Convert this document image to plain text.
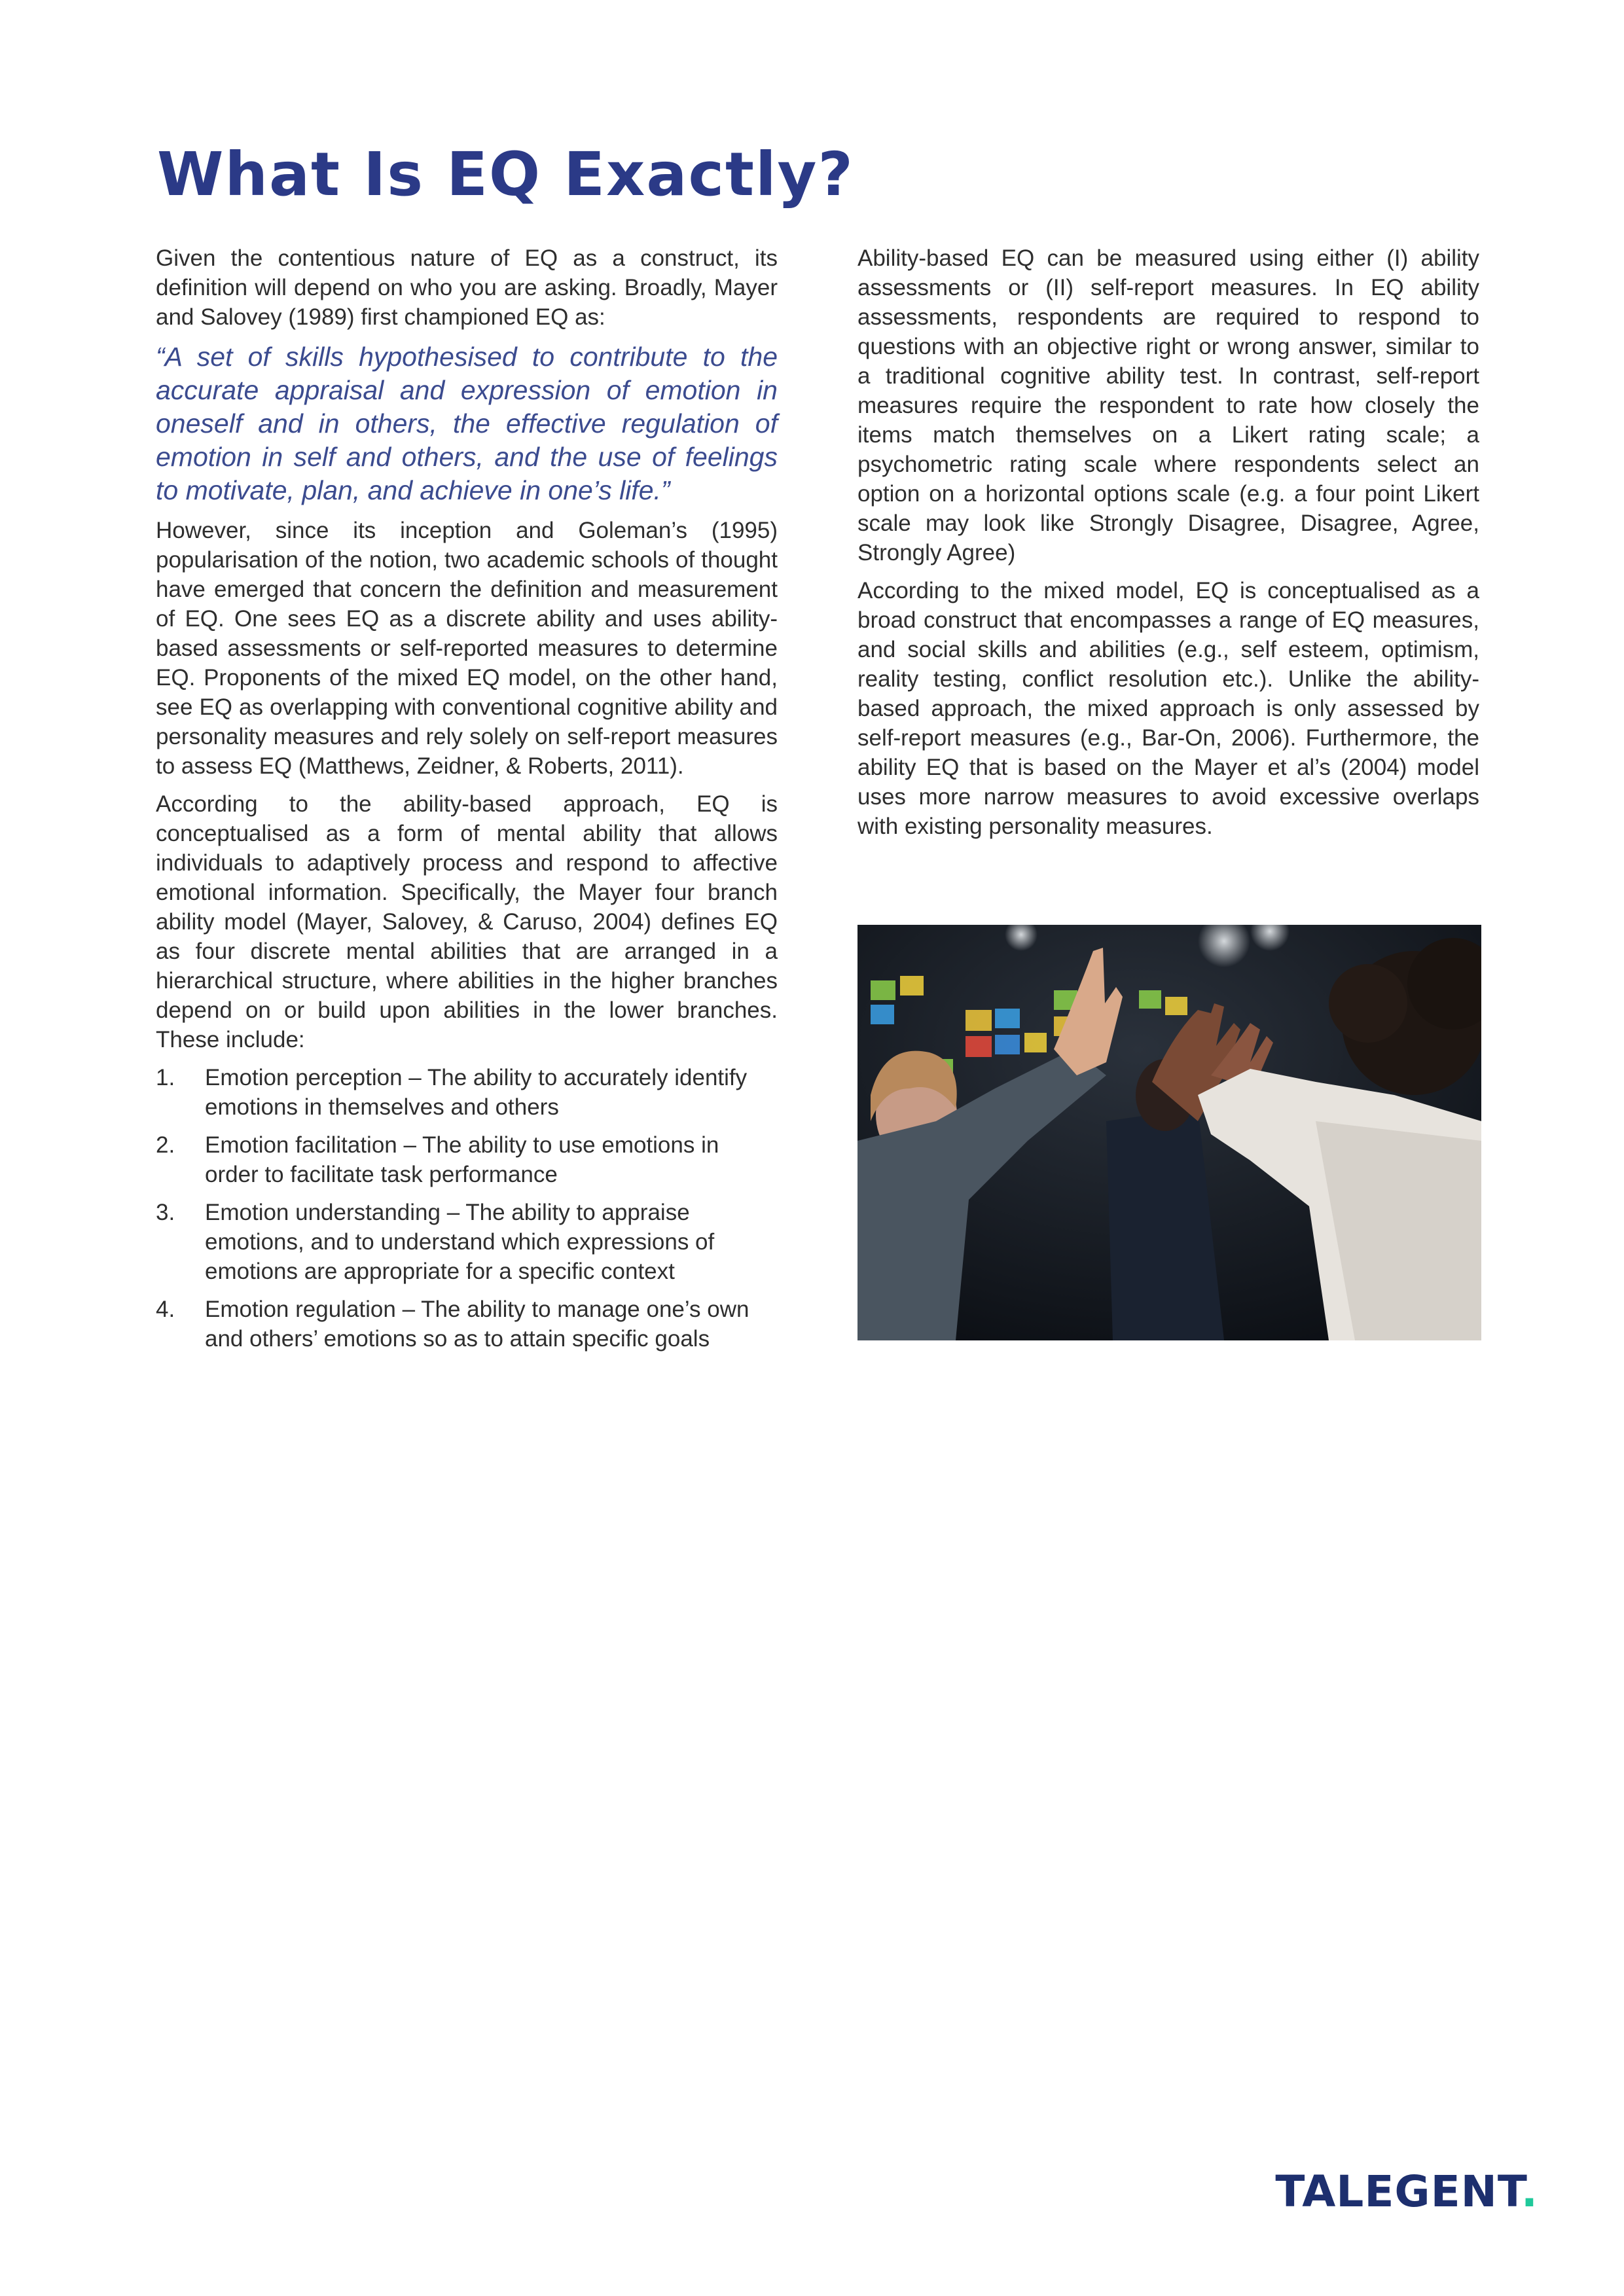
What Is EQ Exactly?

Given the contentious nature of EQ as a construct, its definition will depend on who you are asking. Broadly, Mayer and Salovey (1989) first championed EQ as:

“A set of skills hypothesised to contribute to the accurate appraisal and expression of emotion in oneself and in others, the effective regulation of emotion in self and others, and the use of feelings to motivate, plan, and achieve in one’s life.”

However, since its inception and Goleman’s (1995) popularisation of the notion, two academic schools of thought have emerged that concern the definition and measurement of EQ. One sees EQ as a discrete ability and uses ability-based assessments or self-reported measures to determine EQ. Proponents of the mixed EQ model, on the other hand, see EQ as overlapping with conventional cognitive ability and personality measures and rely solely on self-report measures to assess EQ (Matthews, Zeidner, & Roberts, 2011).

According to the ability-based approach, EQ is conceptualised as a form of mental ability that allows individuals to adaptively process and respond to affective emotional information. Specifically, the Mayer four branch ability model (Mayer, Salovey, & Caruso, 2004) defines EQ as four discrete mental abilities that are arranged in a hierarchical structure, where abilities in the higher branches depend on or build upon abilities in the lower branches. These include:

1. Emotion perception – The ability to accurately identify emotions in themselves and others
2. Emotion facilitation – The ability to use emotions in order to facilitate task performance
3. Emotion understanding – The ability to appraise emotions, and to understand which expressions of emotions are appropriate for a specific context
4. Emotion regulation – The ability to manage one’s own and others’ emotions so as to attain specific goals

Ability-based EQ can be measured using either (I) ability assessments or (II) self-report measures. In EQ ability assessments, respondents are required to respond to questions with an objective right or wrong answer, similar to a traditional cognitive ability test. In contrast, self-report measures require the respondent to rate how closely the items match themselves on a Likert rating scale; a psychometric rating scale where respondents select an option on a horizontal options scale (e.g. a four point Likert scale may look like Strongly Disagree, Disagree, Agree, Strongly Agree)

According to the mixed model, EQ is conceptualised as a broad construct that encompasses a range of EQ measures, and social skills and abilities (e.g., self esteem, optimism, reality testing, conflict resolution etc.). Unlike the ability-based approach, the mixed approach is only assessed by self-report measures (e.g., Bar-On, 2006). Furthermore, the ability EQ that is based on the Mayer et al’s (2004) model uses more narrow measures to avoid excessive overlaps with existing personality measures.

TALEGENT.
